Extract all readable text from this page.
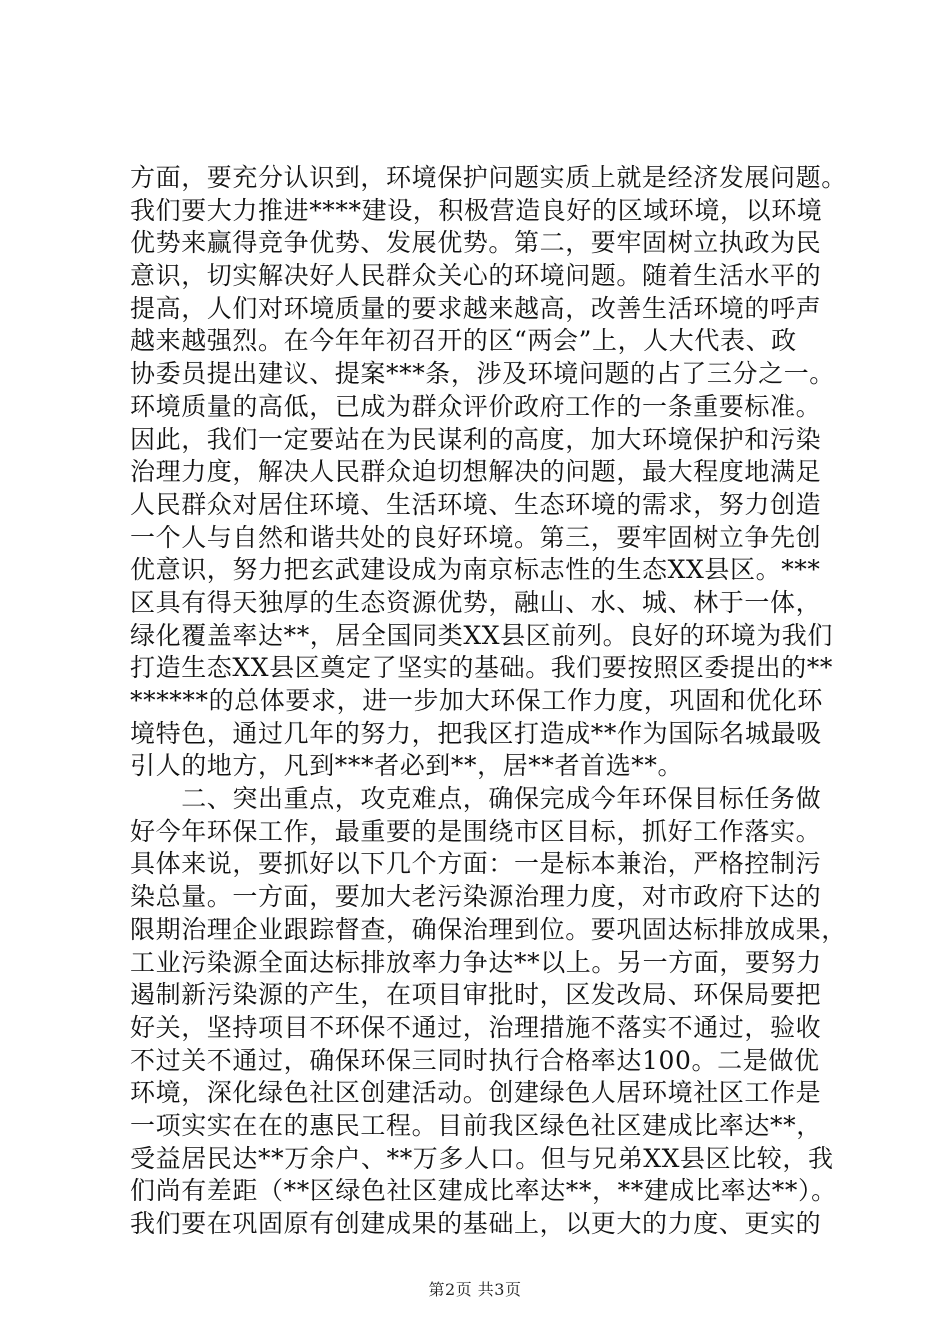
方面，要充分认识到，环境保护问题实质上就是经济发展问题。
我们要大力推进****建设，积极营造良好的区域环境，以环境
优势来赢得竞争优势、发展优势。第二，要牢固树立执政为民
意识，切实解决好人民群众关心的环境问题。随着生活水平的
提高，人们对环境质量的要求越来越高，改善生活环境的呼声
越来越强烈。在今年年初召开的区“两会”上，人大代表、政
协委员提出建议、提案***条，涉及环境问题的占了三分之一。
环境质量的高低，已成为群众评价政府工作的一条重要标准。
因此，我们一定要站在为民谋利的高度，加大环境保护和污染
治理力度，解决人民群众迫切想解决的问题，最大程度地满足
人民群众对居住环境、生活环境、生态环境的需求，努力创造
一个人与自然和谐共处的良好环境。第三，要牢固树立争先创
优意识，努力把玄武建设成为南京标志性的生态XX县区。***
区具有得天独厚的生态资源优势，融山、水、城、林于一体，
绿化覆盖率达**，居全国同类XX县区前列。良好的环境为我们
打造生态XX县区奠定了坚实的基础。我们要按照区委提出的**
******的总体要求，进一步加大环保工作力度，巩固和优化环
境特色，通过几年的努力，把我区打造成**作为国际名城最吸
引人的地方，凡到***者必到**，居**者首选**。
　　二、突出重点，攻克难点，确保完成今年环保目标任务做
好今年环保工作，最重要的是围绕市区目标，抓好工作落实。
具体来说，要抓好以下几个方面：一是标本兼治，严格控制污
染总量。一方面，要加大老污染源治理力度，对市政府下达的
限期治理企业跟踪督查，确保治理到位。要巩固达标排放成果，
工业污染源全面达标排放率力争达**以上。另一方面，要努力
遏制新污染源的产生，在项目审批时，区发改局、环保局要把
好关，坚持项目不环保不通过，治理措施不落实不通过，验收
不过关不通过，确保环保三同时执行合格率达100。二是做优
环境，深化绿色社区创建活动。创建绿色人居环境社区工作是
一项实实在在的惠民工程。目前我区绿色社区建成比率达**，
受益居民达**万余户、**万多人口。但与兄弟XX县区比较，我
们尚有差距（**区绿色社区建成比率达**，**建成比率达**）。
我们要在巩固原有创建成果的基础上，以更大的力度、更实的
第2页 共3页
